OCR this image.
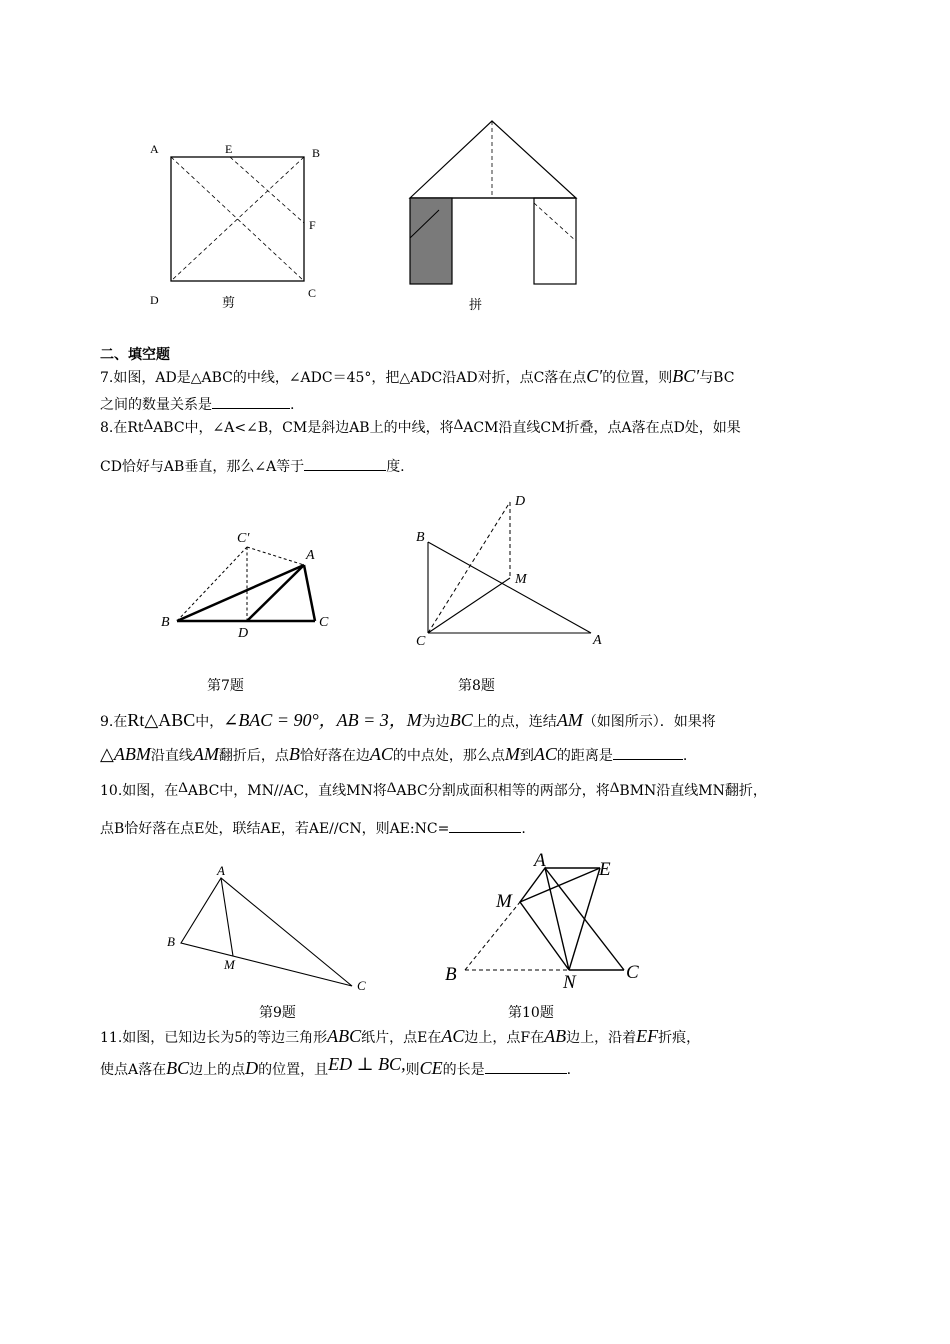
A	E	B
F
D	C
剪	拼
二、填空题
7.如图，AD是△ABC的中线，∠ADC＝45°，把△ADC沿AD对折，点C落在点C′的位置，则BC′与BC
之间的数量关系是	.
8.在RtΔABC中，∠A<∠B，CM是斜边AB上的中线，将ΔACM沿直线CM折叠，点A落在点D处，如果
CD恰好与AB垂直，那么∠A等于	度.
C′
A
B
D
C
D
B
M
C	A
第7题	第8题
9.在Rt△ABC中，∠BAC = 90°，AB = 3，M为边BC上的点，连结AM（如图所示）．如果将
△ABM沿直线AM翻折后，点B恰好落在边AC的中点处，那么点M到AC的距离是	.
10.如图，在ΔABC中，MN//AC，直线MN将ΔABC分割成面积相等的两部分，将ΔBMN沿直线MN翻折，
点B恰好落在点E处，联结AE，若AE//CN，则AE:NC=	.
A
B
M
C
A	E
M
B	N	C
第9题	第10题
11.如图，已知边长为5的等边三角形ABC纸片，点E在AC边上，点F在AB边上，沿着EF折痕，
使点A落在BC边上的点D的位置，且ED ⊥ BC,则CE的长是	.
